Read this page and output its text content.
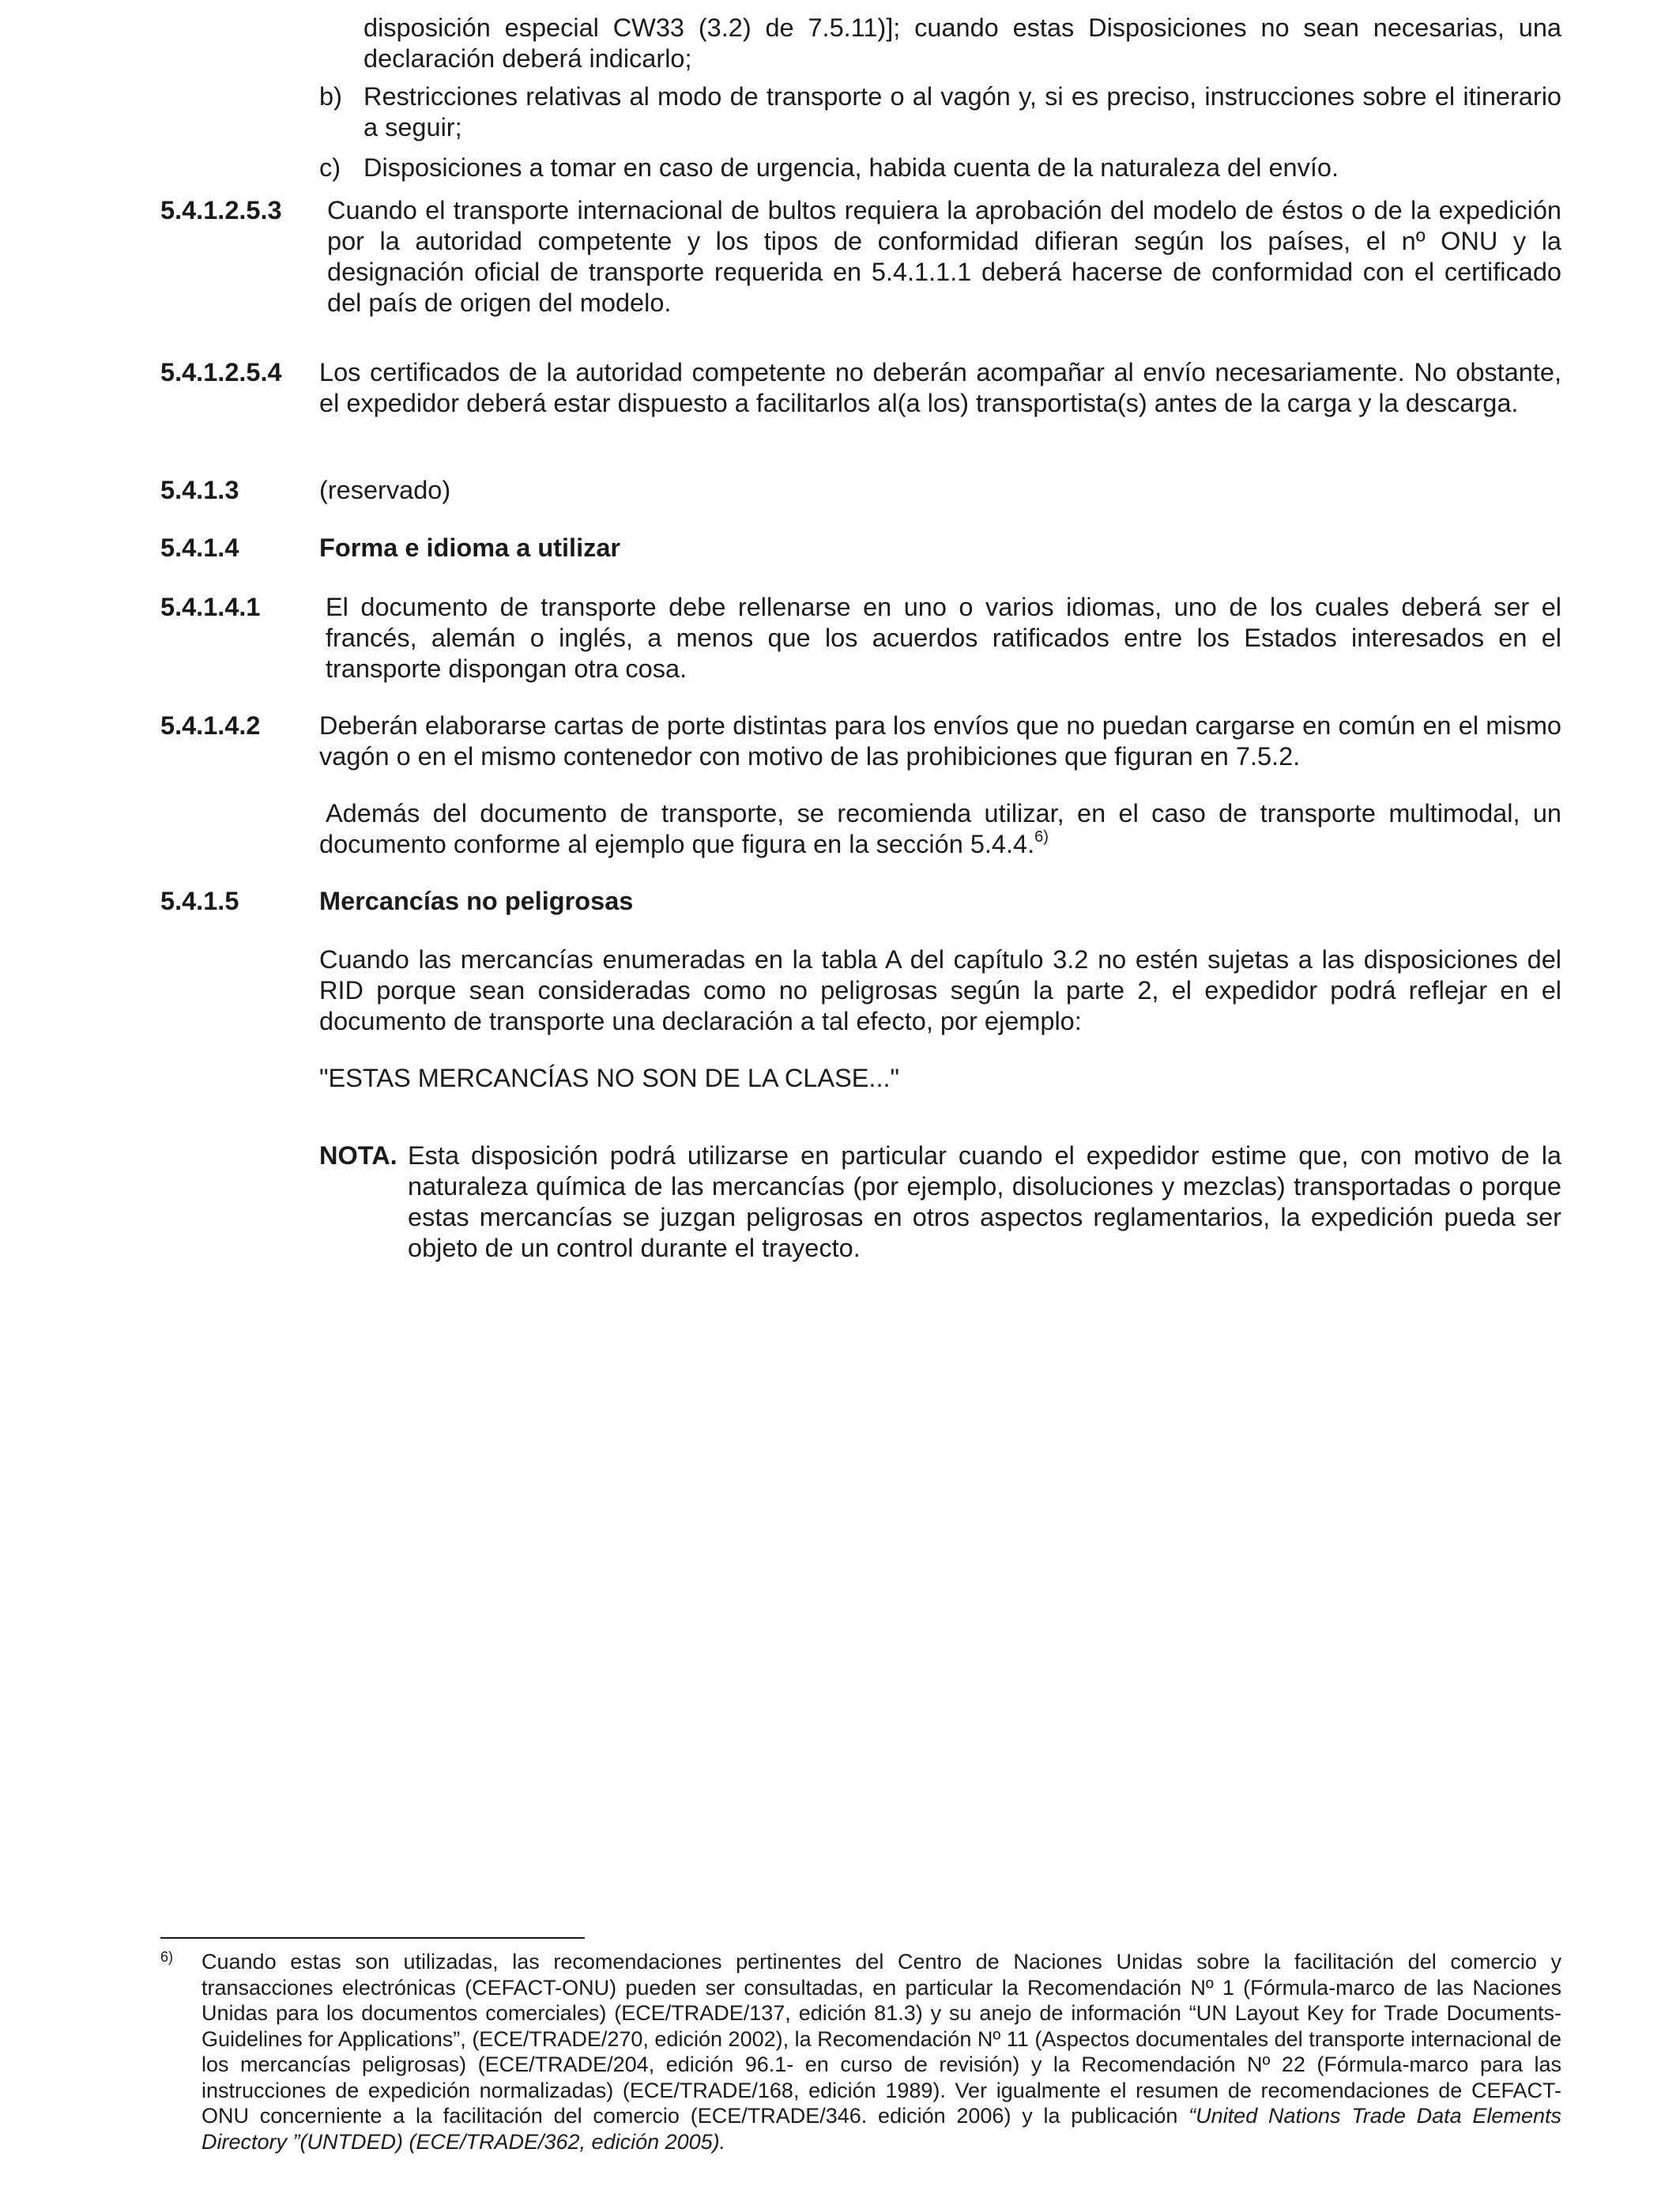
disposición especial CW33 (3.2) de 7.5.11)]; cuando estas Disposiciones no sean necesarias, una declaración deberá indicarlo;
b) Restricciones relativas al modo de transporte o al vagón y, si es preciso, instrucciones sobre el itinerario a seguir;
c) Disposiciones a tomar en caso de urgencia, habida cuenta de la naturaleza del envío.
5.4.1.2.5.3	Cuando el transporte internacional de bultos requiera la aprobación del modelo de éstos o de la expedición por la autoridad competente y los tipos de conformidad difieran según los países, el nº ONU y la designación oficial de transporte requerida en 5.4.1.1.1 deberá hacerse de conformidad con el certificado del país de origen del modelo.
5.4.1.2.5.4	Los certificados de la autoridad competente no deberán acompañar al envío necesariamente. No obstante, el expedidor deberá estar dispuesto a facilitarlos al(a los) transportista(s) antes de la carga y la descarga.
5.4.1.3	(reservado)
5.4.1.4	Forma e idioma a utilizar
5.4.1.4.1	El documento de transporte debe rellenarse en uno o varios idiomas, uno de los cuales deberá ser el francés, alemán o inglés, a menos que los acuerdos ratificados entre los Estados interesados en el transporte dispongan otra cosa.
5.4.1.4.2	Deberán elaborarse cartas de porte distintas para los envíos que no puedan cargarse en común en el mismo vagón o en el mismo contenedor con motivo de las prohibiciones que figuran en 7.5.2.
Además del documento de transporte, se recomienda utilizar, en el caso de transporte multimodal, un documento conforme al ejemplo que figura en la sección 5.4.4.$^{6)}$
5.4.1.5	Mercancías no peligrosas
Cuando las mercancías enumeradas en la tabla A del capítulo 3.2 no estén sujetas a las disposiciones del RID porque sean consideradas como no peligrosas según la parte 2, el expedidor podrá reflejar en el documento de transporte una declaración a tal efecto, por ejemplo:
"ESTAS MERCANCÍAS NO SON DE LA CLASE..."
NOTA. Esta disposición podrá utilizarse en particular cuando el expedidor estime que, con motivo de la naturaleza química de las mercancías (por ejemplo, disoluciones y mezclas) transportadas o porque estas mercancías se juzgan peligrosas en otros aspectos reglamentarios, la expedición pueda ser objeto de un control durante el trayecto.
6)	Cuando estas son utilizadas, las recomendaciones pertinentes del Centro de Naciones Unidas sobre la facilitación del comercio y transacciones electrónicas (CEFACT-ONU) pueden ser consultadas, en particular la Recomendación Nº 1 (Fórmula-marco de las Naciones Unidas para los documentos comerciales) (ECE/TRADE/137, edición 81.3) y su anejo de información “UN Layout Key for Trade Documents- Guidelines for Applications”, (ECE/TRADE/270, edición 2002), la Recomendación Nº 11 (Aspectos documentales del transporte internacional de los mercancías peligrosas) (ECE/TRADE/204, edición 96.1- en curso de revisión) y la Recomendación Nº 22 (Fórmula-marco para las instrucciones de expedición normalizadas) (ECE/TRADE/168, edición 1989). Ver igualmente el resumen de recomendaciones de CEFACT-ONU concerniente a la facilitación del comercio (ECE/TRADE/346. edición 2006) y la publicación “United Nations Trade Data Elements Directory ”(UNTDED) (ECE/TRADE/362, edición 2005).
